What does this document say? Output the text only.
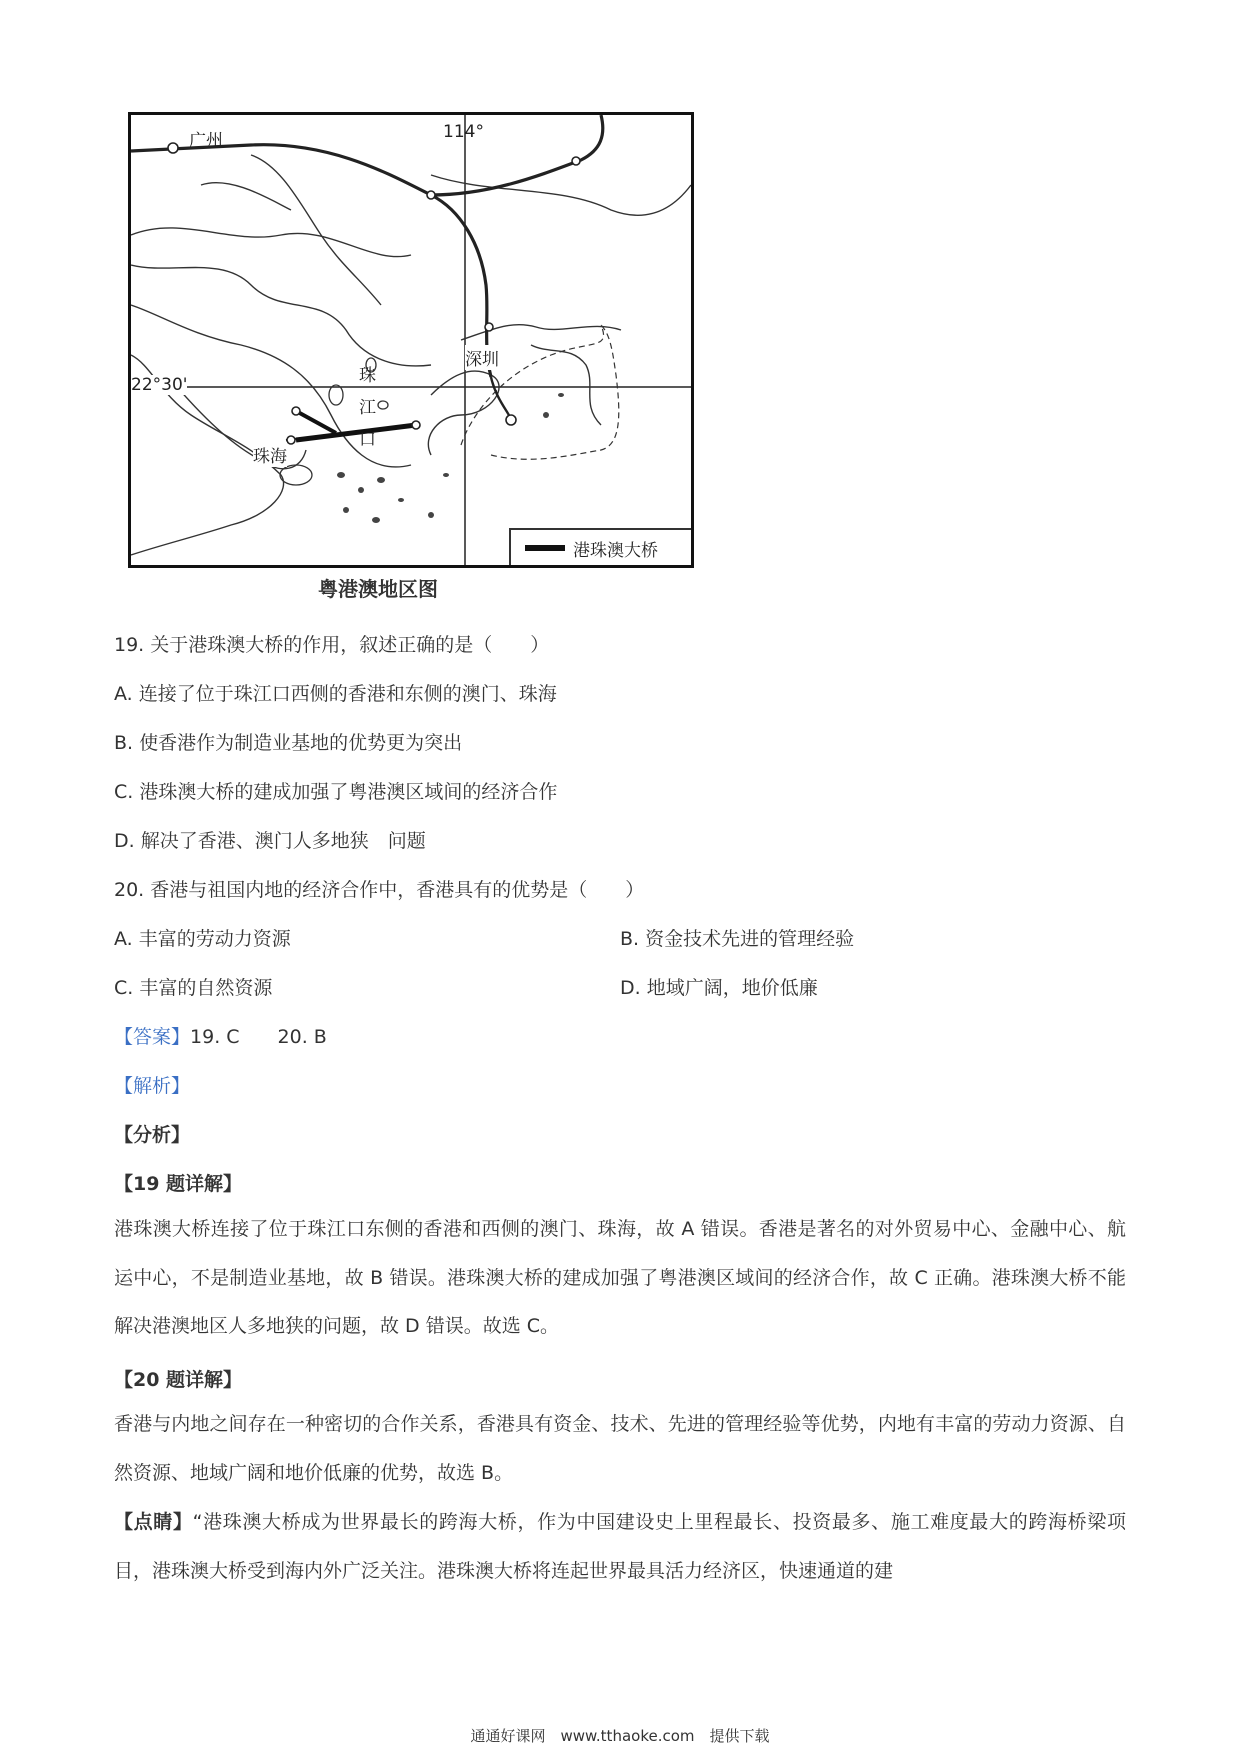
广州	114°
22°30'
深圳
珠
江
口
珠海
港珠澳大桥
粤港澳地区图
19. 关于港珠澳大桥的作用，叙述正确的是（　　）
A. 连接了位于珠江口西侧的香港和东侧的澳门、珠海
B. 使香港作为制造业基地的优势更为突出
C. 港珠澳大桥的建成加强了粤港澳区域间的经济合作
D. 解决了香港、澳门人多地狭　问题
20. 香港与祖国内地的经济合作中，香港具有的优势是（　　）
A. 丰富的劳动力资源	B. 资金技术先进的管理经验
C. 丰富的自然资源	D. 地域广阔，地价低廉
【答案】19. C　　20. B
【解析】
【分析】
【19 题详解】
港珠澳大桥连接了位于珠江口东侧的香港和西侧的澳门、珠海，故 A 错误。香港是著名的对外贸易中心、金融中心、航运中心，不是制造业基地，故 B 错误。港珠澳大桥的建成加强了粤港澳区域间的经济合作，故 C 正确。港珠澳大桥不能解决港澳地区人多地狭的问题，故 D 错误。故选 C。
【20 题详解】
香港与内地之间存在一种密切的合作关系，香港具有资金、技术、先进的管理经验等优势，内地有丰富的劳动力资源、自然资源、地域广阔和地价低廉的优势，故选 B。
【点睛】“港珠澳大桥成为世界最长的跨海大桥，作为中国建设史上里程最长、投资最多、施工难度最大的跨海桥梁项目，港珠澳大桥受到海内外广泛关注。港珠澳大桥将连起世界最具活力经济区，快速通道的建
通通好课网　www.tthaoke.com　提供下载
